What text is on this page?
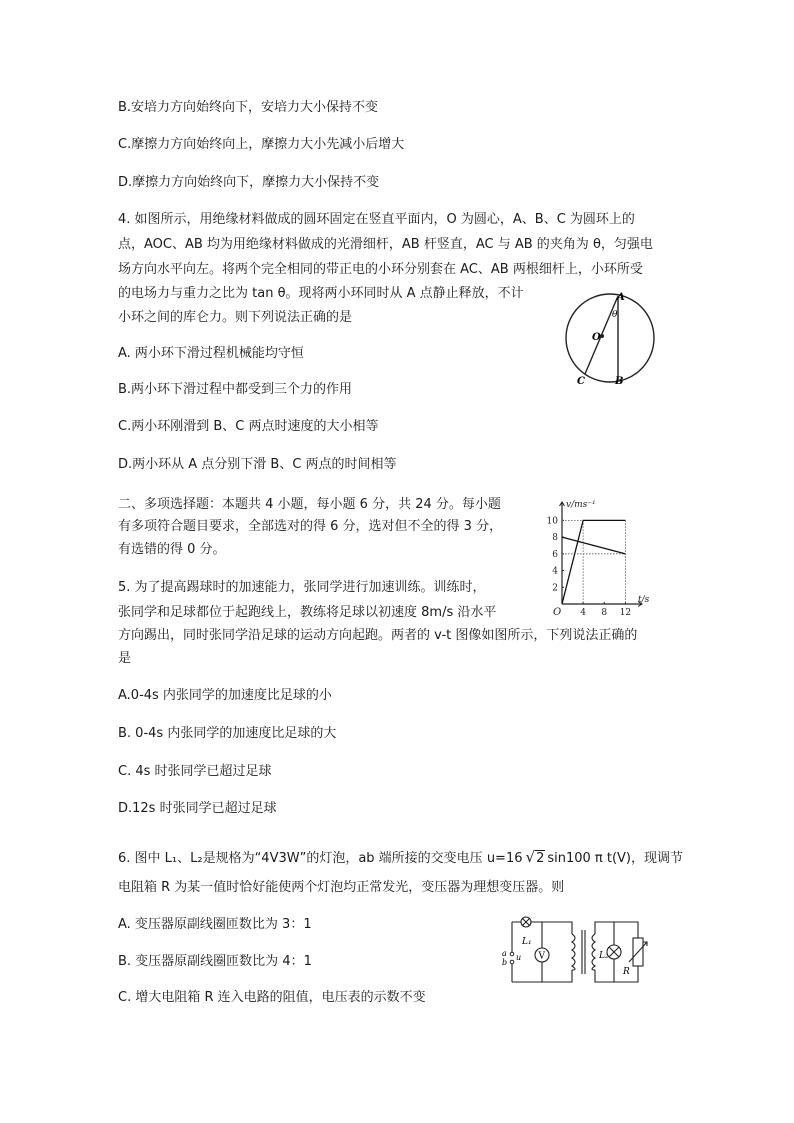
B.安培力方向始终向下，安培力大小保持不变
C.摩擦力方向始终向上，摩擦力大小先减小后增大
D.摩擦力方向始终向下，摩擦力大小保持不变
4. 如图所示，用绝缘材料做成的圆环固定在竖直平面内，O 为圆心，A、B、C 为圆环上的
点，AOC、AB 均为用绝缘材料做成的光滑细杆，AB 杆竖直，AC 与 AB 的夹角为 θ，匀强电
场方向水平向左。将两个完全相同的带正电的小环分别套在 AC、AB 两根细杆上，小环所受
的电场力与重力之比为 tan θ。现将两小环同时从 A 点静止释放，不计
小环之间的库仑力。则下列说法正确的是
A
O
θ
C	B
A. 两小环下滑过程机械能均守恒
B.两小环下滑过程中都受到三个力的作用
C.两小环刚滑到 B、C 两点时速度的大小相等
D.两小环从 A 点分别下滑 B、C 两点的时间相等
二、多项选择题：本题共 4 小题，每小题 6 分，共 24 分。每小题
有多项符合题目要求，全部选对的得 6 分，选对但不全的得 3 分，
有选错的得 0 分。
5. 为了提高踢球时的加速能力，张同学进行加速训练。训练时，
张同学和足球都位于起跑线上，教练将足球以初速度 8m/s 沿水平
方向踢出，同时张同学沿足球的运动方向起跑。两者的 v-t 图像如图所示，下列说法正确的
是
2
4
6
8
10
4 8 12
v/ms⁻¹
t/s
O
A.0-4s 内张同学的加速度比足球的小
B. 0-4s 内张同学的加速度比足球的大
C. 4s 时张同学已超过足球
D.12s 时张同学已超过足球
6. 图中 L₁、L₂是规格为“4V3W”的灯泡，ab 端所接的交变电压 u=16 √2 sin100 π t(V)，现调节
电阻箱 R 为某一值时恰好能使两个灯泡均正常发光，变压器为理想变压器。则
A. 变压器原副线圈匝数比为 3：1
B. 变压器原副线圈匝数比为 4：1
C. 增大电阻箱 R 连入电路的阻值，电压表的示数不变
a
b
u
L₁
V	L₂
R
